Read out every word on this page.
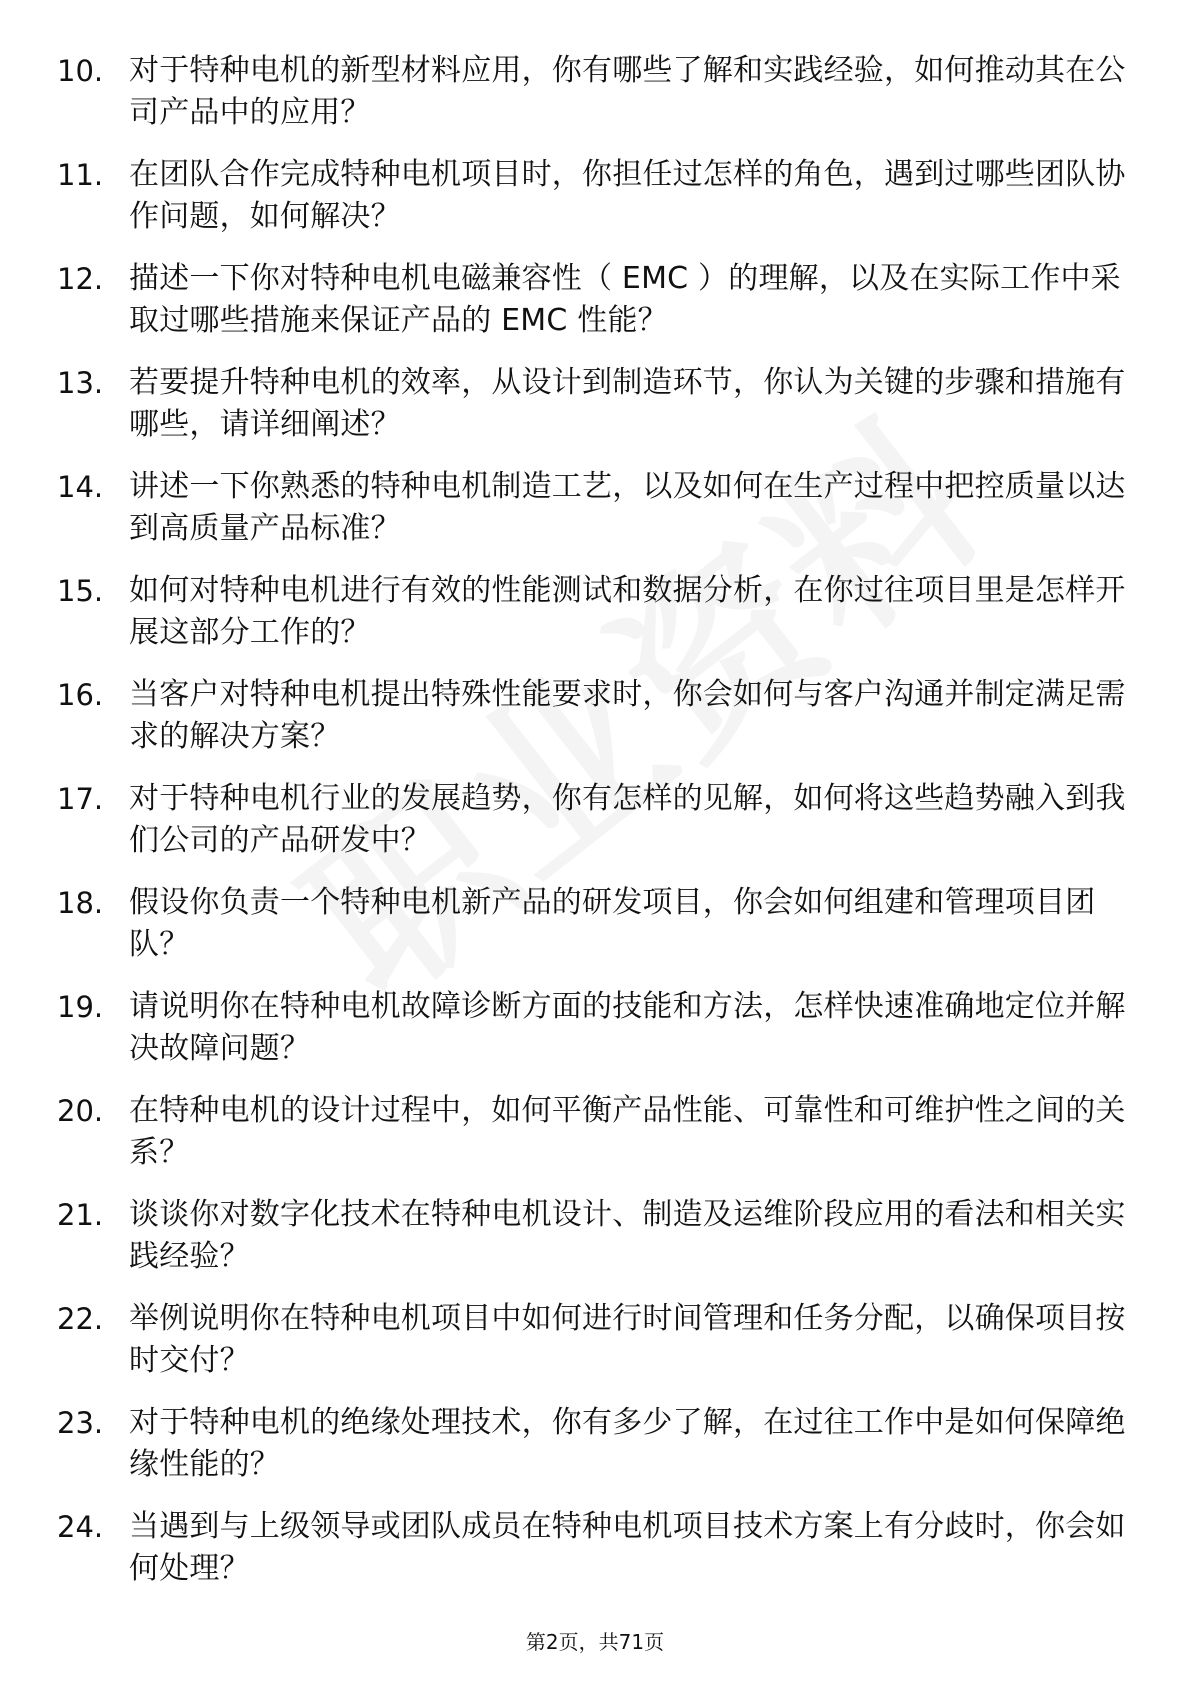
10. 对于特种电机的新型材料应用，你有哪些了解和实践经验，如何推动其在公司产品中的应用？
11. 在团队合作完成特种电机项目时，你担任过怎样的角色，遇到过哪些团队协作问题，如何解决？
12. 描述一下你对特种电机电磁兼容性（ EMC ）的理解，以及在实际工作中采取过哪些措施来保证产品的 EMC 性能？
13. 若要提升特种电机的效率，从设计到制造环节，你认为关键的步骤和措施有哪些，请详细阐述？
14. 讲述一下你熟悉的特种电机制造工艺，以及如何在生产过程中把控质量以达到高质量产品标准？
15. 如何对特种电机进行有效的性能测试和数据分析，在你过往项目里是怎样开展这部分工作的？
16. 当客户对特种电机提出特殊性能要求时，你会如何与客户沟通并制定满足需求的解决方案？
17. 对于特种电机行业的发展趋势，你有怎样的见解，如何将这些趋势融入到我们公司的产品研发中？
18. 假设你负责一个特种电机新产品的研发项目，你会如何组建和管理项目团队？
19. 请说明你在特种电机故障诊断方面的技能和方法，怎样快速准确地定位并解决故障问题？
20. 在特种电机的设计过程中，如何平衡产品性能、可靠性和可维护性之间的关系？
21. 谈谈你对数字化技术在特种电机设计、制造及运维阶段应用的看法和相关实践经验？
22. 举例说明你在特种电机项目中如何进行时间管理和任务分配，以确保项目按时交付？
23. 对于特种电机的绝缘处理技术，你有多少了解，在过往工作中是如何保障绝缘性能的？
24. 当遇到与上级领导或团队成员在特种电机项目技术方案上有分歧时，你会如何处理？
第2页，共71页
